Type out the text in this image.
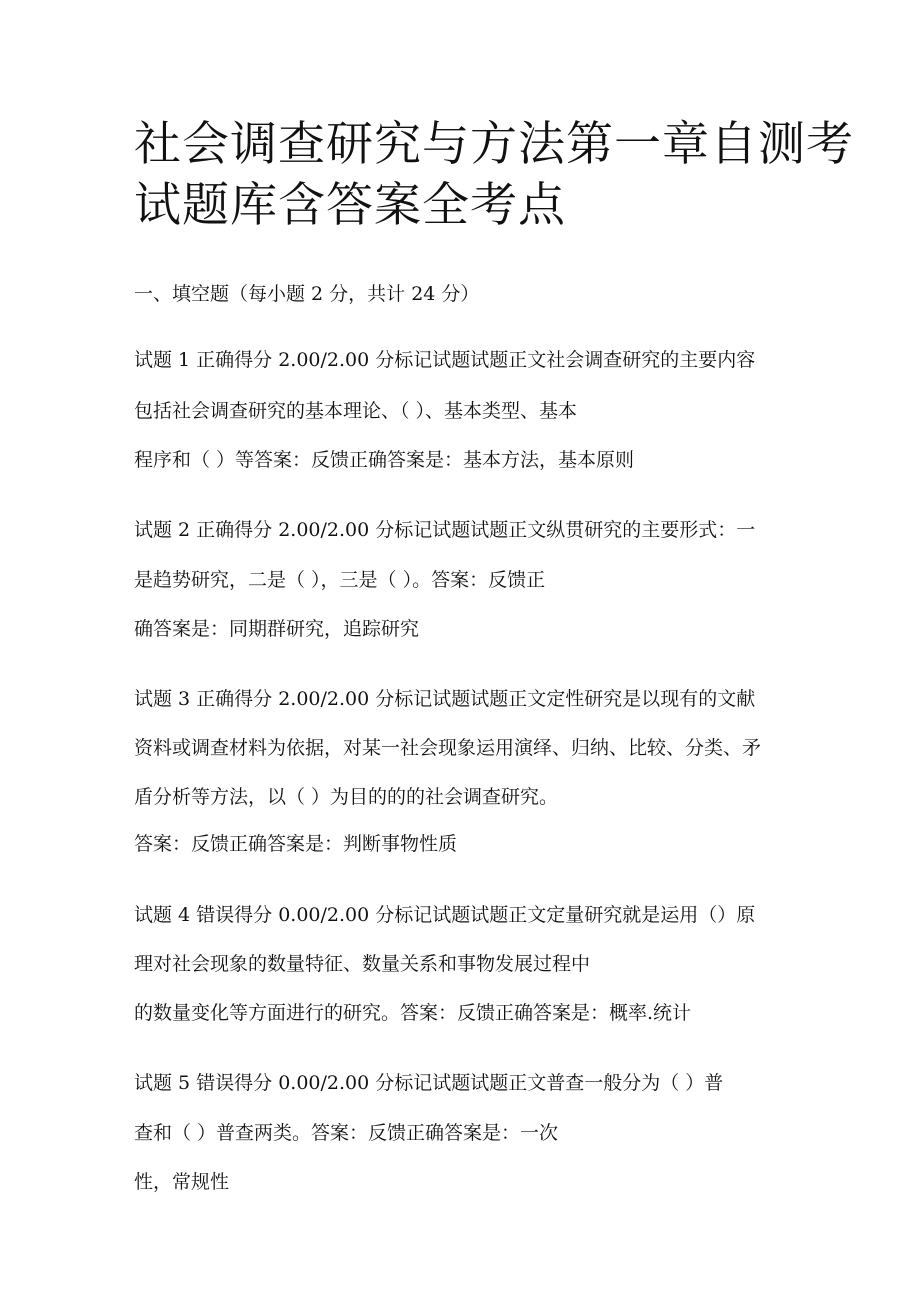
社会调查研究与方法第一章自测考
试题库含答案全考点

一、填空题（每小题 2 分，共计 24 分）

试题 1 正确得分 2.00/2.00 分标记试题试题正文社会调查研究的主要内容

包括社会调查研究的基本理论、（ ）、基本类型、基本

程序和（ ）等答案：反馈正确答案是：基本方法，基本原则

试题 2 正确得分 2.00/2.00 分标记试题试题正文纵贯研究的主要形式：一

是趋势研究，二是（ ），三是（ ）。答案：反馈正

确答案是：同期群研究，追踪研究

试题 3 正确得分 2.00/2.00 分标记试题试题正文定性研究是以现有的文献

资料或调查材料为依据，对某一社会现象运用演绎、归纳、比较、分类、矛

盾分析等方法，以（ ）为目的的的社会调查研究。

答案：反馈正确答案是：判断事物性质

试题 4 错误得分 0.00/2.00 分标记试题试题正文定量研究就是运用（）原

理对社会现象的数量特征、数量关系和事物发展过程中

的数量变化等方面进行的研究。答案：反馈正确答案是：概率.统计

试题 5 错误得分 0.00/2.00 分标记试题试题正文普查一般分为（ ）普

查和（ ）普查两类。答案：反馈正确答案是：一次

性，常规性
